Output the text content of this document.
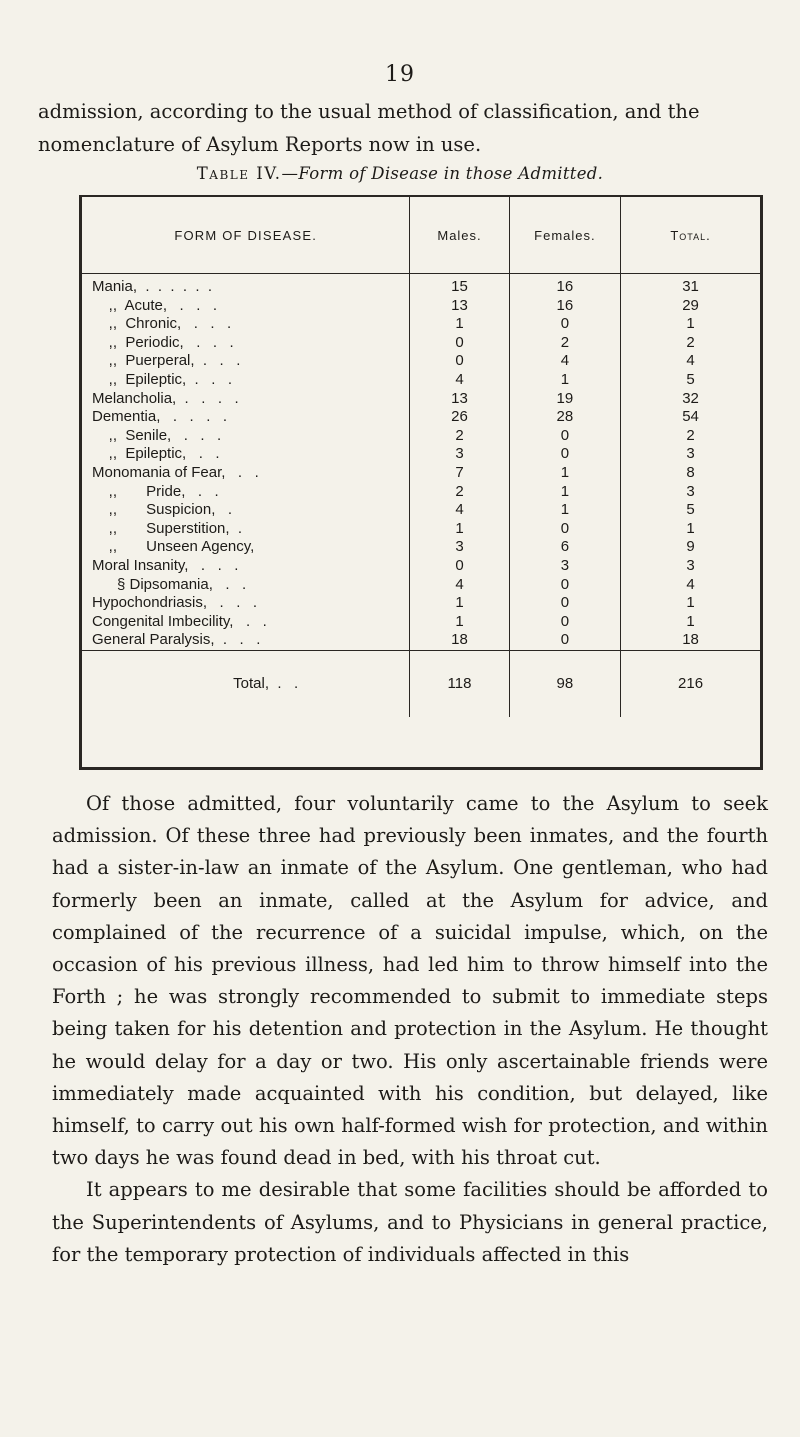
19

admission, according to the usual method of classification, and the nomenclature of Asylum Reports now in use.

Table IV.—Form of Disease in those Admitted.
FORM OF DISEASE.	Males.	Females.	Total.
Mania,  .  .  .  .  .  .	15	16	31
,,  Acute,   .   .   .	13	16	29
,,  Chronic,   .   .   .	1	0	1
,,  Periodic,   .   .   .	0	2	2
,,  Puerperal,  .   .   .	0	4	4
,,  Epileptic,  .   .   .	4	1	5
Melancholia,  .   .   .   .	13	19	32
Dementia,   .   .   .   .	26	28	54
,,  Senile,   .   .   .	2	0	2
,,  Epileptic,   .   .	3	0	3
Monomania of Fear,   .   .	7	1	8
,,       Pride,   .   .	2	1	3
,,       Suspicion,   .	4	1	5
,,       Superstition,  .	1	0	1
,,       Unseen Agency,	3	6	9
Moral Insanity,   .   .   .	0	3	3
§ Dipsomania,   .   .	4	0	4
Hypochondriasis,   .   .   .	1	0	1
Congenital Imbecility,   .   .	1	0	1
General Paralysis,  .   .   .	18	0	18
Total,  .   .	118	98	216

Of those admitted, four voluntarily came to the Asylum to seek admission. Of these three had previously been inmates, and the fourth had a sister-in-law an inmate of the Asylum. One gentleman, who had formerly been an inmate, called at the Asylum for advice, and complained of the recurrence of a suicidal impulse, which, on the occasion of his previous illness, had led him to throw himself into the Forth ; he was strongly recommended to submit to immediate steps being taken for his detention and protection in the Asylum. He thought he would delay for a day or two. His only ascertainable friends were immediately made acquainted with his condition, but delayed, like himself, to carry out his own half-formed wish for protection, and within two days he was found dead in bed, with his throat cut.

It appears to me desirable that some facilities should be afforded to the Superintendents of Asylums, and to Physicians in general practice, for the temporary protection of individuals affected in this
